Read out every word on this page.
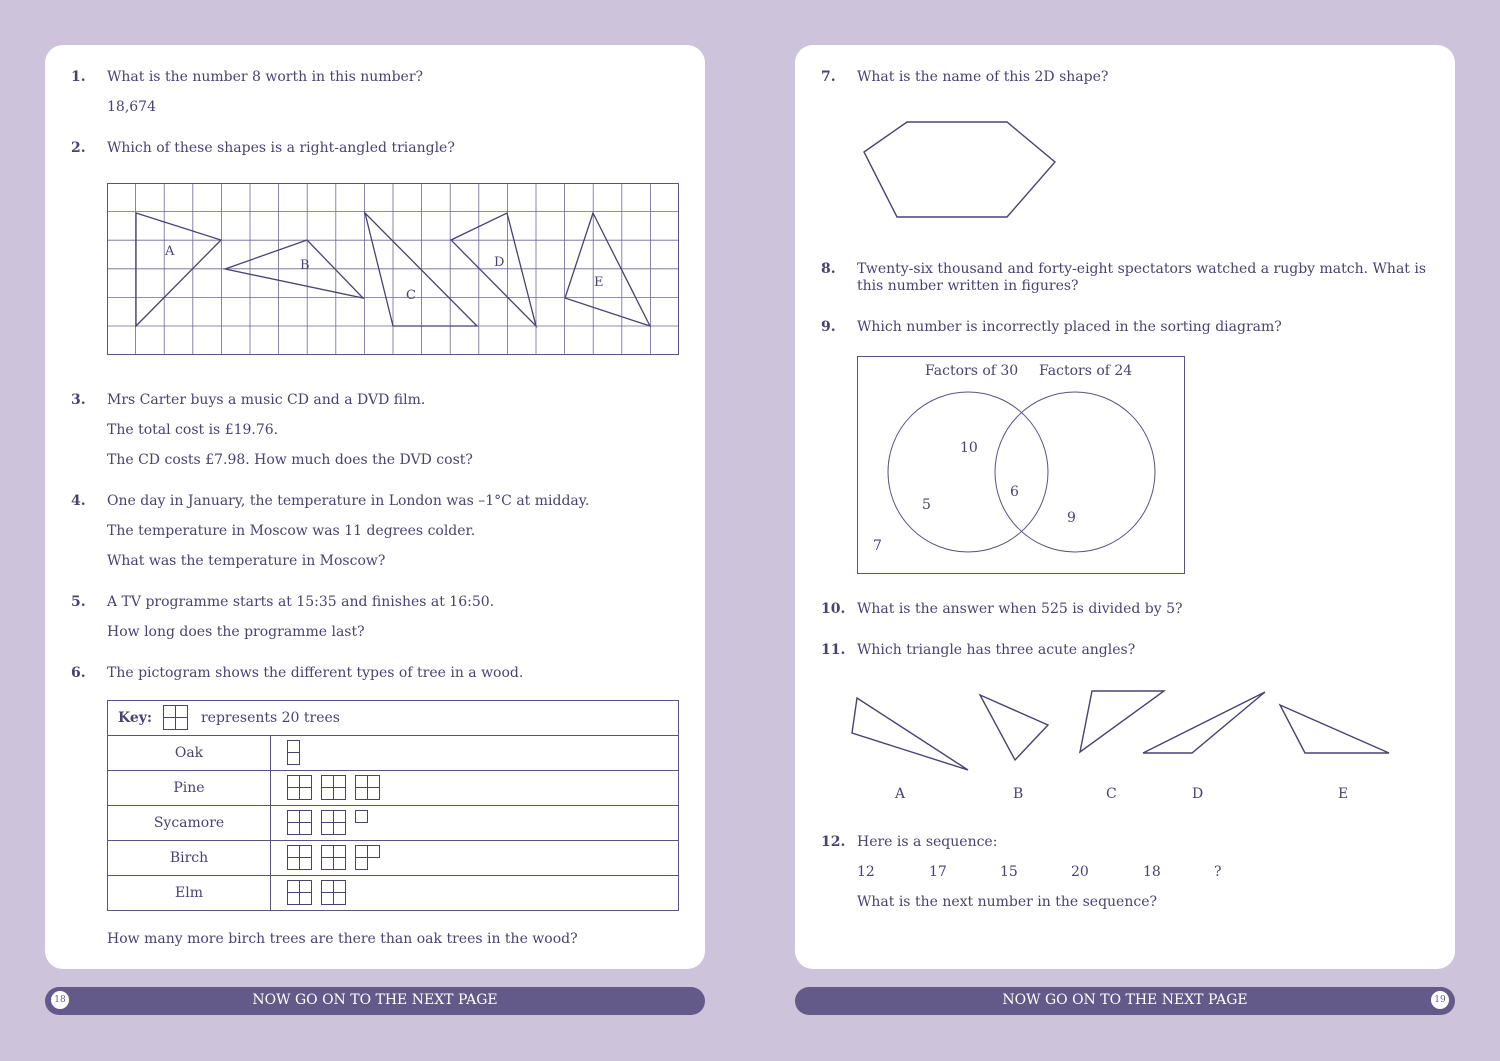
1. What is the number 8 worth in this number?
18,674
2. Which of these shapes is a right-angled triangle?
A
B
C
D
E
3. Mrs Carter buys a music CD and a DVD film.
The total cost is £19.76.
The CD costs £7.98. How much does the DVD cost?
4. One day in January, the temperature in London was –1°C at midday.
The temperature in Moscow was 11 degrees colder.
What was the temperature in Moscow?
5. A TV programme starts at 15:35 and finishes at 16:50.
How long does the programme last?
6. The pictogram shows the different types of tree in a wood.
Key: represents 20 trees	
Oak	
Pine	
Sycamore	
Birch	
Elm	
How many more birch trees are there than oak trees in the wood?
7. What is the name of this 2D shape?
8. Twenty-six thousand and forty-eight spectators watched a rugby match. What is this number written in figures?
9. Which number is incorrectly placed in the sorting diagram?
Factors of 30 Factors of 24
10
6
5
9
7
10. What is the answer when 525 is divided by 5?
11. Which triangle has three acute angles?
A	B	C	D	E
12. Here is a sequence:
12	17	15	20	18	?
What is the next number in the sequence?
18	NOW GO ON TO THE NEXT PAGE	NOW GO ON TO THE NEXT PAGE	19
